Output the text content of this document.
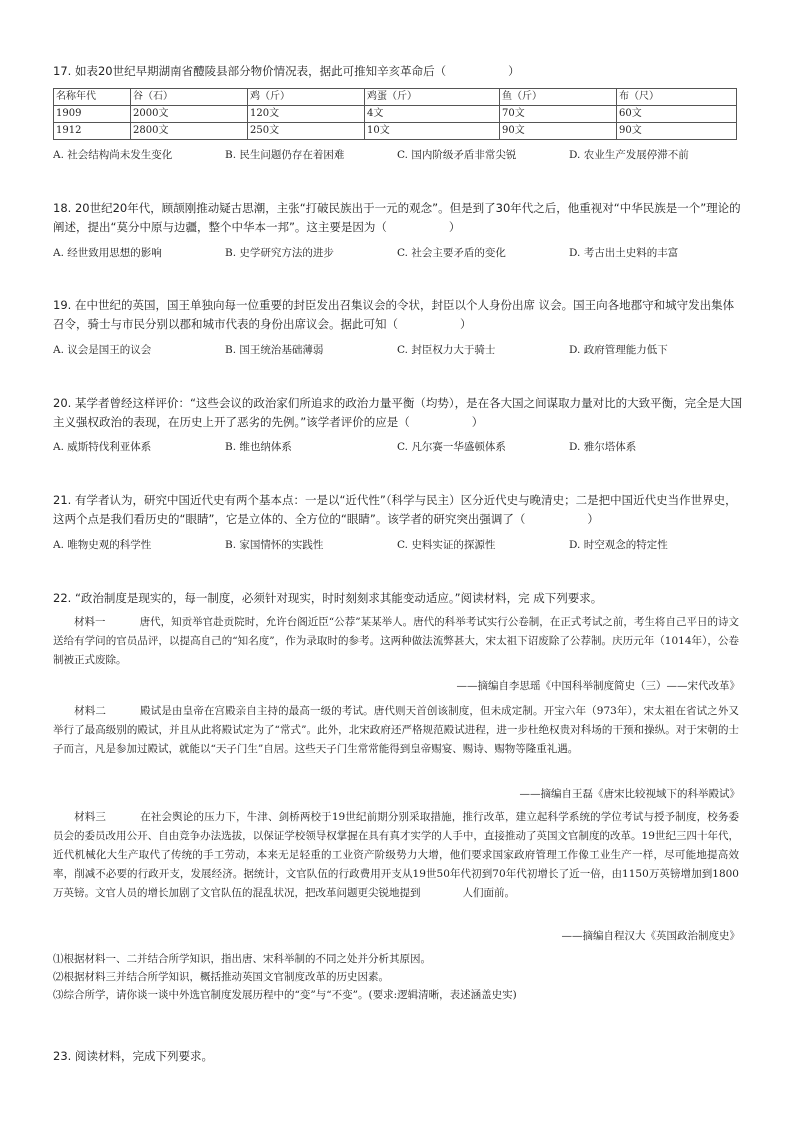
17. 如表20世纪早期湖南省醴陵县部分物价情况表，据此可推知辛亥革命后（	）
名称年代	谷（石）	鸡（斤）	鸡蛋（斤）	鱼（斤）	布（尺）
1909	2000文	120文	4文	70文	60文
1912	2800文	250文	10文	90文	90文
A. 社会结构尚未发生变化	B. 民生问题仍存在着困难	C. 国内阶级矛盾非常尖锐	D. 农业生产发展停滞不前
18. 20世纪20年代，顾颉刚推动疑古思潮，主张“打破民族出于一元的观念”。但是到了30年代之后，他重视对“中华民族是一个”理论的阐述，提出“莫分中原与边疆，整个中华本一邦”。这主要是因为（	）
A. 经世致用思想的影响	B. 史学研究方法的进步	C. 社会主要矛盾的变化	D. 考古出土史料的丰富
19. 在中世纪的英国，国王单独向每一位重要的封臣发出召集议会的令状，封臣以个人身份出席 议会。国王向各地郡守和城守发出集体召令，骑士与市民分别以郡和城市代表的身份出席议会。据此可知（	）
A. 议会是国王的议会	B. 国王统治基础薄弱	C. 封臣权力大于骑士	D. 政府管理能力低下
20. 某学者曾经这样评价：“这些会议的政治家们所追求的政治力量平衡（均势），是在各大国之间谋取力量对比的大致平衡，完全是大国主义强权政治的表现，在历史上开了恶劣的先例。”该学者评价的应是（	）
A. 威斯特伐利亚体系	B. 维也纳体系	C. 凡尔赛一华盛顿体系	D. 雅尔塔体系
21. 有学者认为，研究中国近代史有两个基本点：一是以“近代性”（科学与民主）区分近代史与晚清史；二是把中国近代史当作世界史，这两个点是我们看历史的“眼睛”，它是立体的、全方位的“眼睛”。该学者的研究突出强调了（	）
A. 唯物史观的科学性	B. 家国情怀的实践性	C. 史料实证的探源性	D. 时空观念的特定性
22. “政治制度是现实的，每一制度，必须针对现实，时时刻刻求其能变动适应。”阅读材料，完 成下列要求。
材料一	唐代，知贡举官赴贡院时，允许台阁近臣“公荐”某某举人。唐代的科举考试实行公卷制，在正式考试之前，考生将自己平日的诗文送给有学问的官员品评，以提高自己的“知名度”，作为录取时的参考。这两种做法流弊甚大，宋太祖下诏废除了公荐制。庆历元年（1014年），公卷制被正式废除。
——摘编自李思瑶《中国科举制度简史（三）——宋代改革》
材料二	殿试是由皇帝在宫殿亲自主持的最高一级的考试。唐代则天首创该制度，但未成定制。开宝六年（973年），宋太祖在省试之外又举行了最高级别的殿试，并且从此将殿试定为了“常式”。此外，北宋政府还严格规范殿试进程，进一步杜绝权贵对科场的干预和操纵。对于宋朝的士子而言，凡是参加过殿试，就能以“天子门生”自居。这些天子门生常常能得到皇帝赐宴、赐诗、赐物等隆重礼遇。
——摘编自王磊《唐宋比较视域下的科举殿试》
材料三	在社会舆论的压力下，牛津、剑桥两校于19世纪前期分别采取措施，推行改革，建立起科学系统的学位考试与授予制度，校务委员会的委员改用公开、自由竞争办法选拔，以保证学校领导权掌握在具有真才实学的人手中，直接推动了英国文官制度的改革。19世纪三四十年代，近代机械化大生产取代了传统的手工劳动，本来无足轻重的工业资产阶级势力大增，他们要求国家政府管理工作像工业生产一样，尽可能地提高效率，削减不必要的行政开支，发展经济。据统计，文官队伍的行政费用开支从19世50年代初到70年代初增长了近一倍，由1150万英镑增加到1800万英镑。文官人员的增长加剧了文官队伍的混乱状况，把改革问题更尖锐地提到	人们面前。
——摘编自程汉大《英国政治制度史》
⑴根据材料一、二并结合所学知识，指出唐、宋科举制的不同之处并分析其原因。
⑵根据材料三并结合所学知识，概括推动英国文官制度改革的历史因素。
⑶综合所学，请你谈一谈中外选官制度发展历程中的“变”与“不变”。(要求:逻辑清晰，表述涵盖史实)
23. 阅读材料，完成下列要求。
